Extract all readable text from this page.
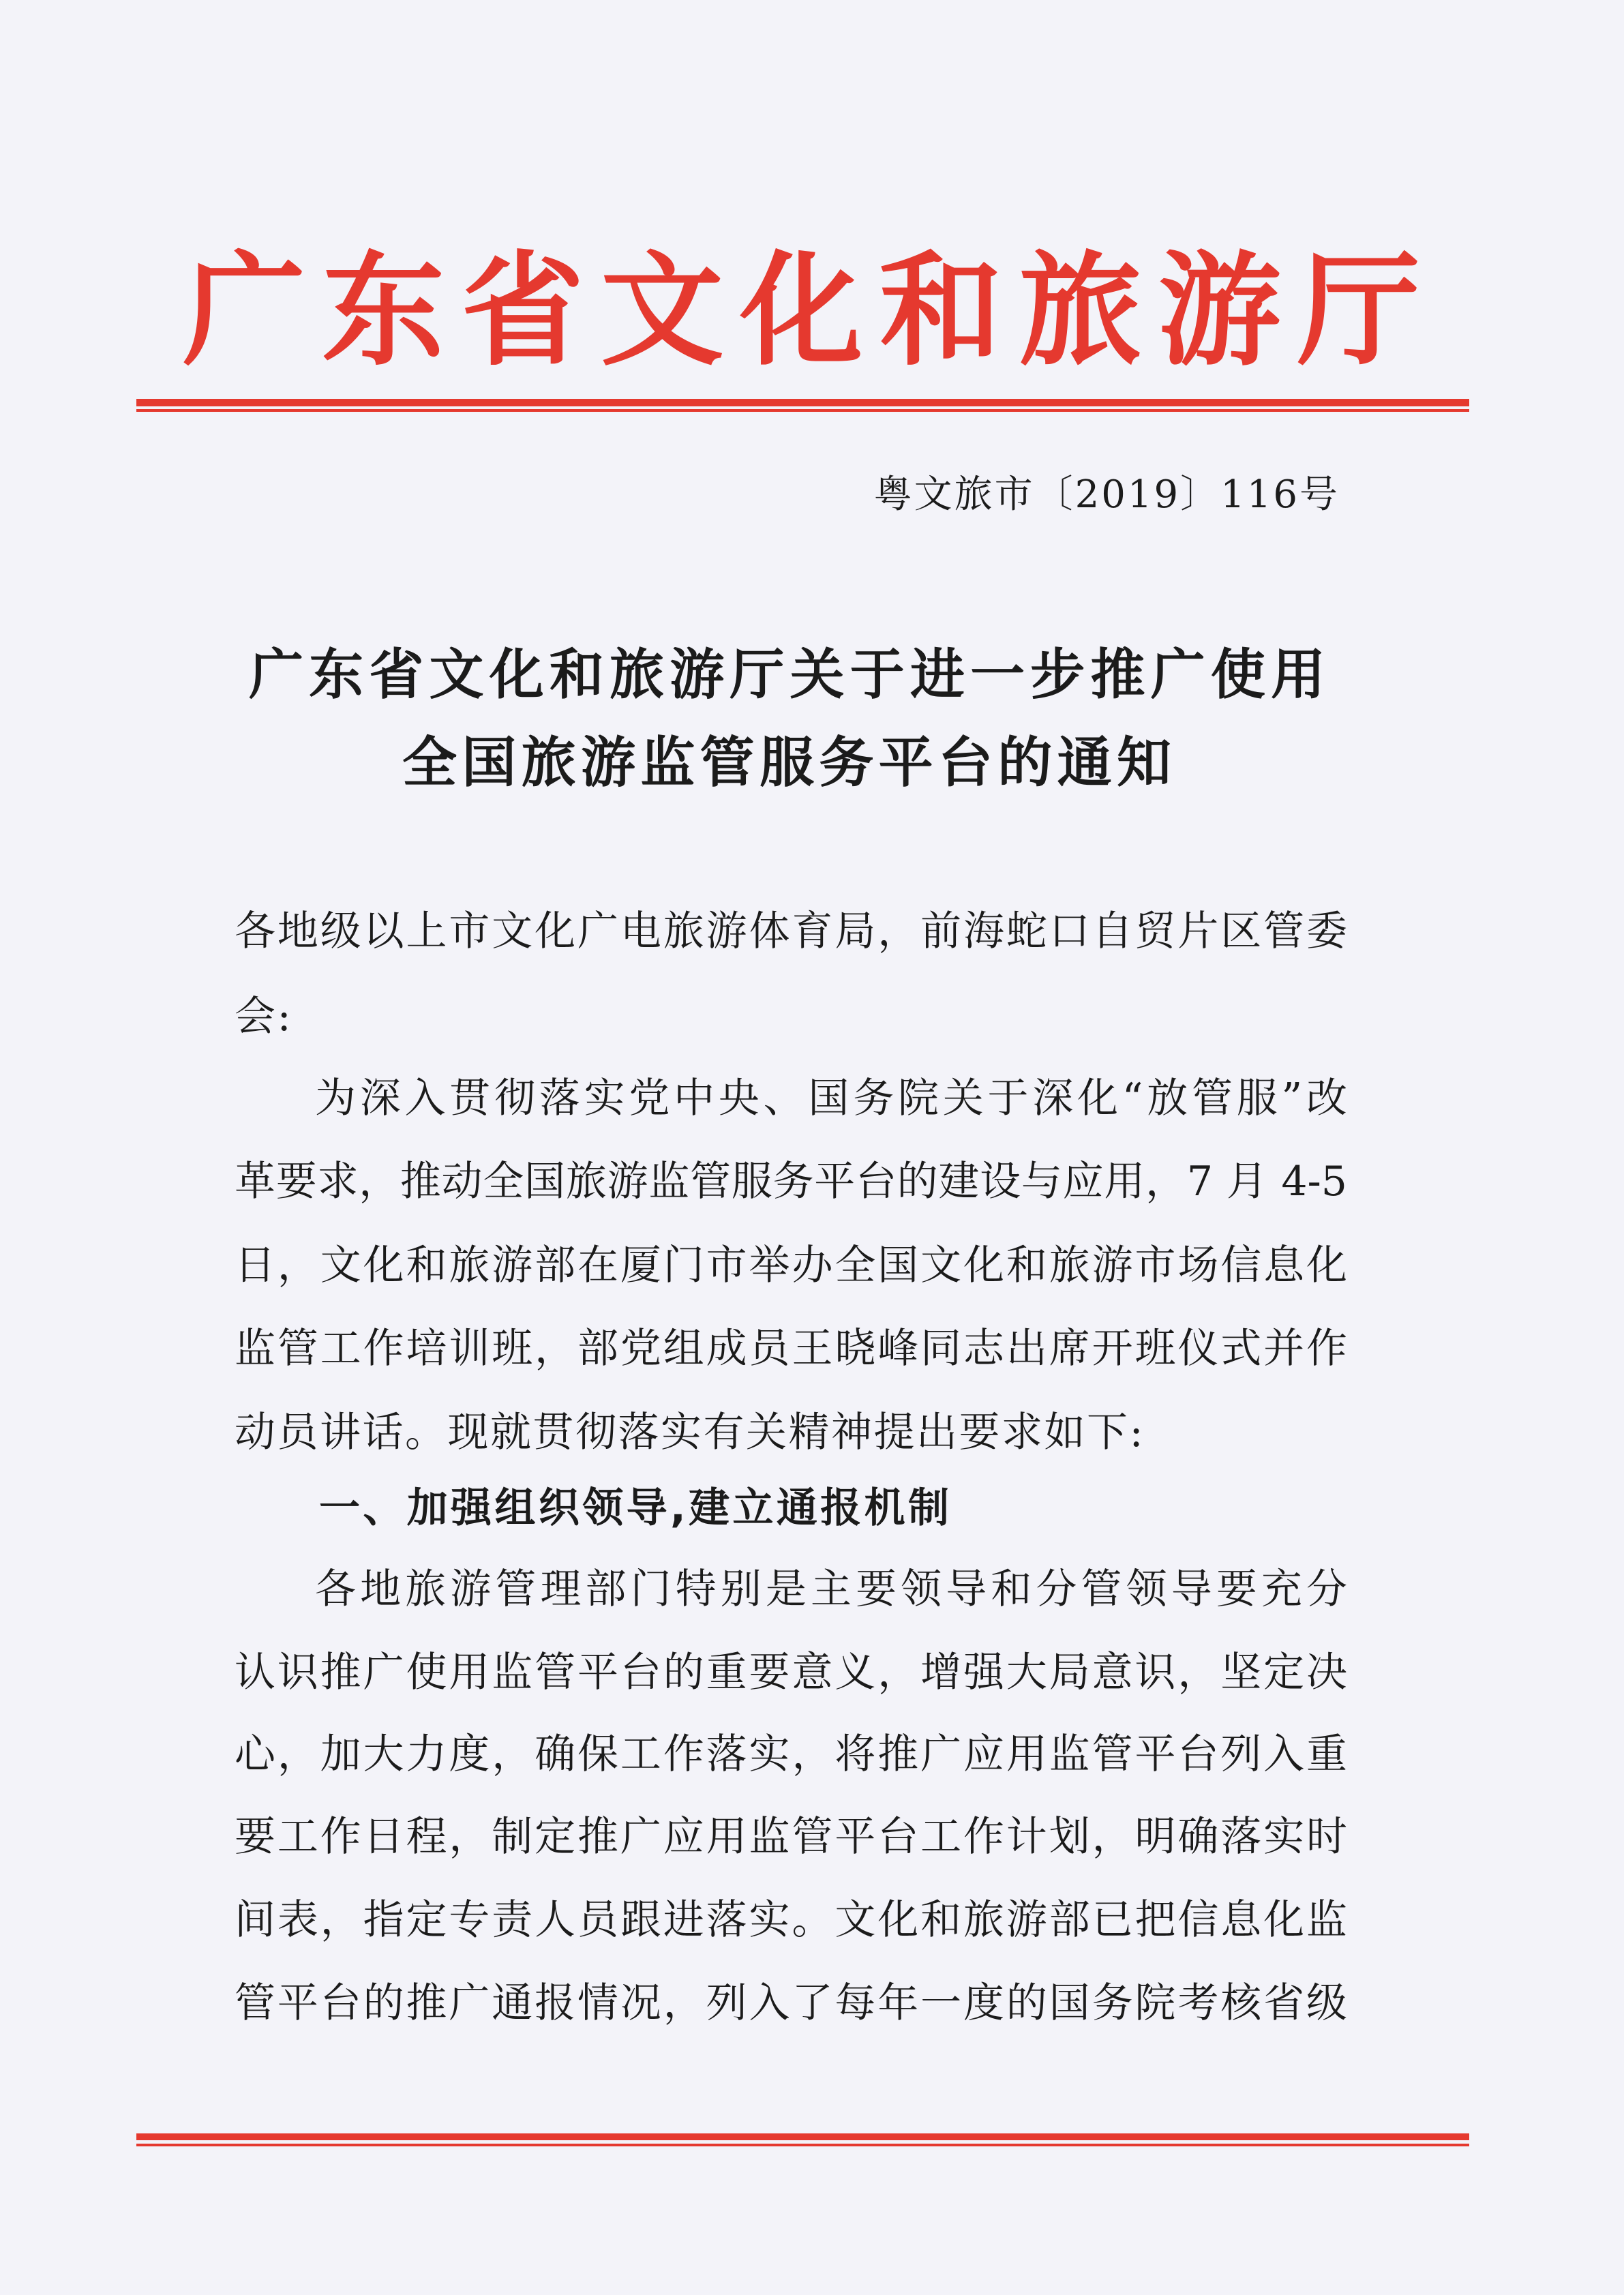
广东省文化和旅游厅
粤文旅市〔2019〕116号
广东省文化和旅游厅关于进一步推广使用
全国旅游监管服务平台的通知
各地级以上市文化广电旅游体育局，前海蛇口自贸片区管委
会:
为深入贯彻落实党中央、国务院关于深化“放管服”改
革要求，推动全国旅游监管服务平台的建设与应用，7 月 4-5
日，文化和旅游部在厦门市举办全国文化和旅游市场信息化
监管工作培训班，部党组成员王晓峰同志出席开班仪式并作
动员讲话。现就贯彻落实有关精神提出要求如下:
一、加强组织领导,建立通报机制
各地旅游管理部门特别是主要领导和分管领导要充分
认识推广使用监管平台的重要意义，增强大局意识，坚定决
心，加大力度，确保工作落实，将推广应用监管平台列入重
要工作日程，制定推广应用监管平台工作计划，明确落实时
间表，指定专责人员跟进落实。文化和旅游部已把信息化监
管平台的推广通报情况，列入了每年一度的国务院考核省级
